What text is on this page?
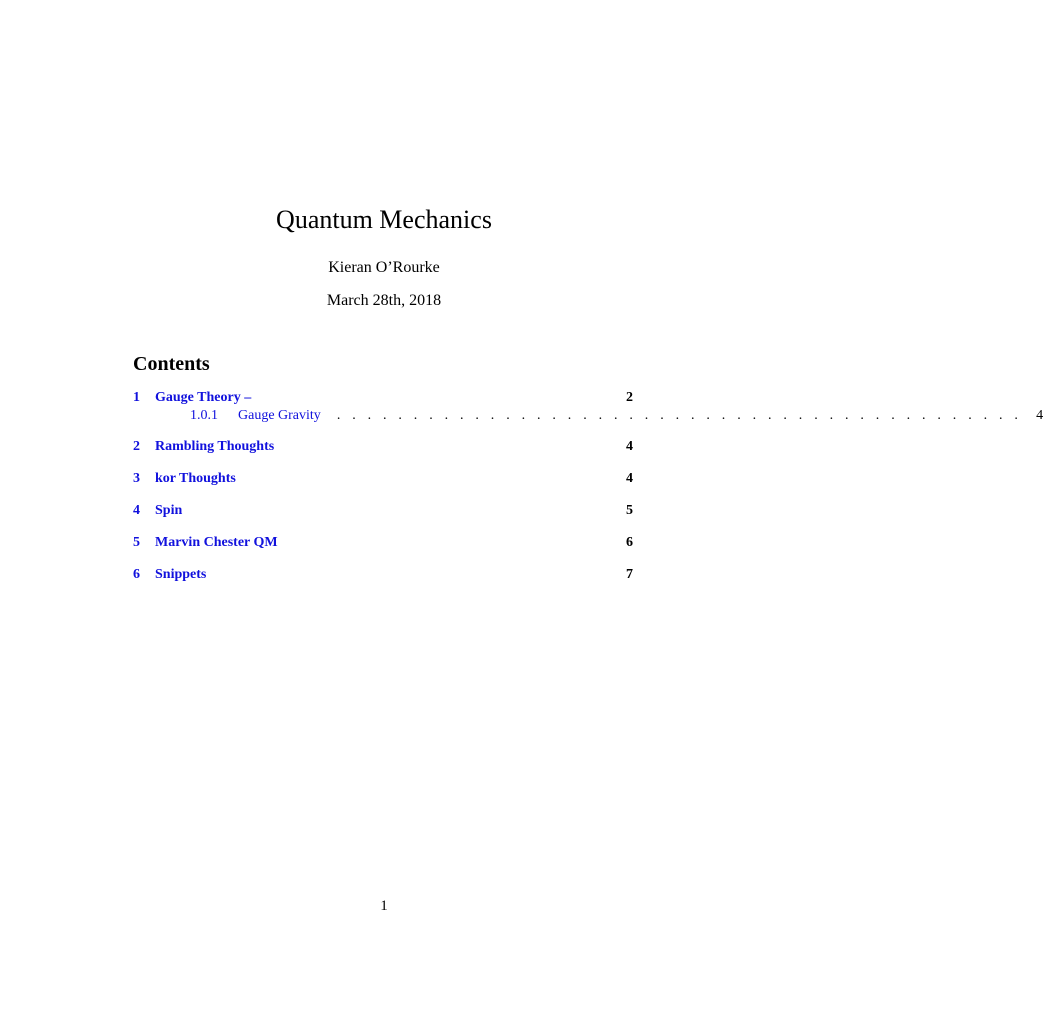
Quantum Mechanics
Kieran O’Rourke
March 28th, 2018
Contents
1	Gauge Theory –	2
1.0.1	Gauge Gravity . . . . . . . . . . . . . . . . . . . . . . . . . . . . . . . . . . . . . . . . . . . . . 4
2	Rambling Thoughts	4
3	kor Thoughts	4
4	Spin	5
5	Marvin Chester QM	6
6	Snippets	7
1
